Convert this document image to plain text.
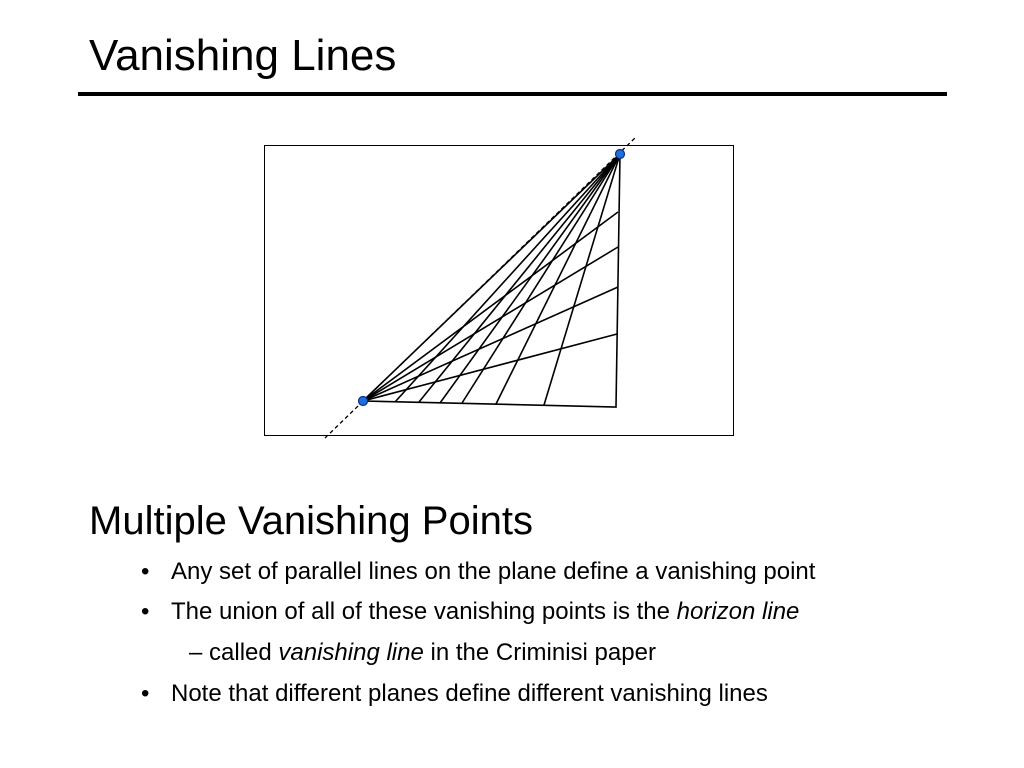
Vanishing Lines
Multiple Vanishing Points
• Any set of parallel lines on the plane define a vanishing point
• The union of all of these vanishing points is the horizon line
– called vanishing line in the Criminisi paper
• Note that different planes define different vanishing lines
